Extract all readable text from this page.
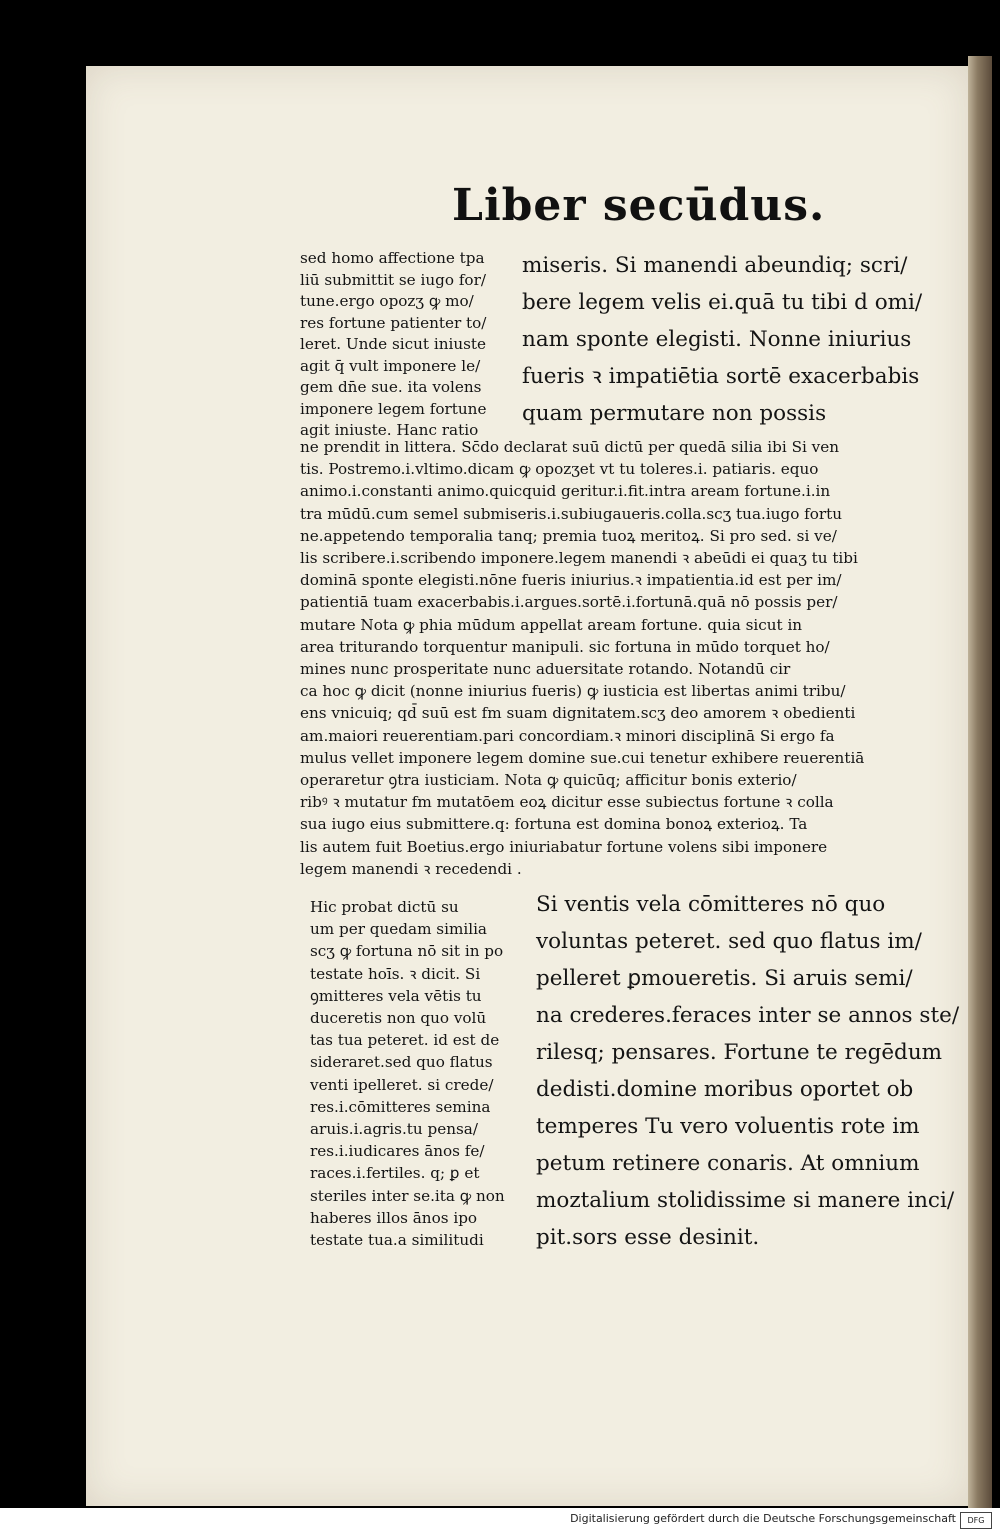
Liber secūdus.

sed homo affectione tpa

liū submittit se iugo for/

tune.ergo opozʒ ꝙ mo/

res fortune patienter to/

leret. Unde sicut iniuste

agit q̄ vult imponere le/

gem dn̄e sue. ita volens

imponere legem fortune

agit iniuste. Hanc ratio

miseris. Si manendi abeundiq; scri/

bere legem velis ei.quā tu tibi d omi/

nam sponte elegisti. Nonne iniurius

fueris ꝛ impatiētia sortē exacerbabis

quam permutare non possis

ne prendit in littera. Sc̄do declarat suū dictū per quedā silia ibi Si ven

tis. Postremo.i.vltimo.dicam ꝙ opozʒet vt tu toleres.i. patiaris. equo

animo.i.constanti animo.quicquid geritur.i.fit.intra aream fortune.i.in

tra mūdū.cum semel submiseris.i.subiugaueris.colla.scʒ tua.iugo fortu

ne.appetendo temporalia tanq; premia tuoꝝ meritoꝝ. Si pro sed. si ve/

lis scribere.i.scribendo imponere.legem manendi ꝛ abeūdi ei quaʒ tu tibi

dominā sponte elegisti.nōne fueris iniurius.ꝛ impatientia.id est per im/

patientiā tuam exacerbabis.i.argues.sortē.i.fortunā.quā nō possis per/

mutare Nota ꝙ phia mūdum appellat aream fortune. quia sicut in

area triturando torquentur manipuli. sic fortuna in mūdo torquet ho/

mines nunc prosperitate nunc aduersitate rotando. Notandū cir

ca hoc ꝙ dicit (nonne iniurius fueris) ꝙ iusticia est libertas animi tribu/

ens vnicuiq; qd̄ suū est fm suam dignitatem.scʒ deo amorem ꝛ obedienti

am.maiori reuerentiam.pari concordiam.ꝛ minori disciplinā Si ergo fa

mulus vellet imponere legem domine sue.cui tenetur exhibere reuerentiā

operaretur ꝯtra iusticiam. Nota ꝙ quicūq; afficitur bonis exterio/

ribꝰ ꝛ mutatur fm mutatōem eoꝝ dicitur esse subiectus fortune ꝛ colla

sua iugo eius submittere.q: fortuna est domina bonoꝝ exterioꝝ. Ta

lis autem fuit Boetius.ergo iniuriabatur fortune volens sibi imponere

legem manendi ꝛ recedendi .

Hic probat dictū su

um per quedam similia

scʒ ꝙ fortuna nō sit in po

testate hoīs. ꝛ dicit. Si

ꝯmitteres vela vētis tu

duceretis non quo volū

tas tua peteret. id est de

sideraret.sed quo flatus

venti ipelleret. si crede/

res.i.cōmitteres semina

aruis.i.agris.tu pensa/

res.i.iudicares ānos fe/

races.i.fertiles. q; ꝑ et

steriles inter se.ita ꝙ non

haberes illos ānos ipo

testate tua.a similitudi

Si ventis vela cōmitteres nō quo

voluntas peteret. sed quo flatus im/

pelleret ꝑmoueretis. Si aruis semi/

na crederes.feraces inter se annos ste/

rilesq; pensares. Fortune te regēdum

dedisti.domine moribus oportet ob

temperes Tu vero voluentis rote im

petum retinere conaris. At omnium

moztalium stolidissime si manere inci/

pit.sors esse desinit.

Digitalisierung gefördert durch die Deutsche Forschungsgemeinschaft	DFG
